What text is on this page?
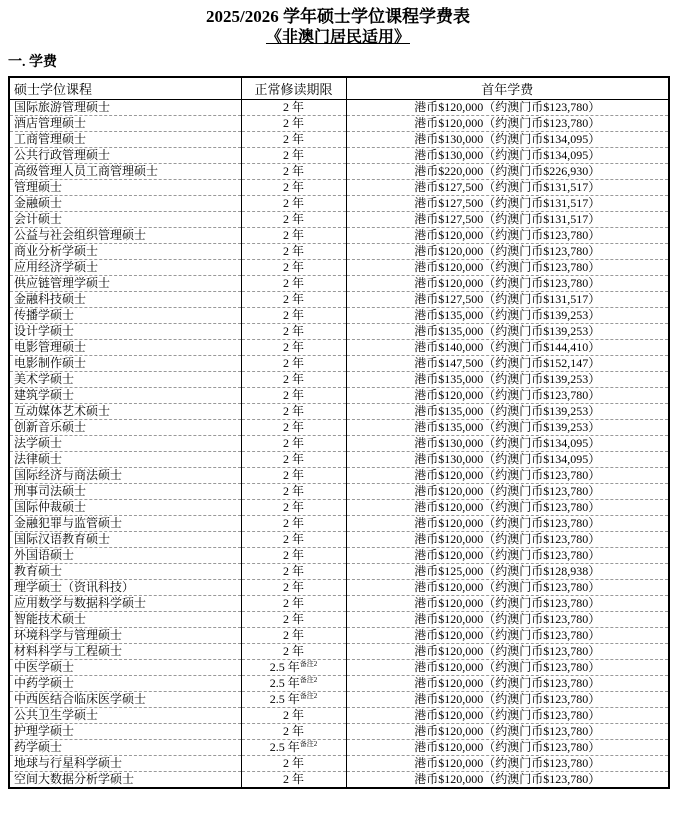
2025/2026 学年硕士学位课程学费表
《非澳门居民适用》
一. 学费
硕士学位课程	正常修读期限	首年学费
国际旅游管理硕士	2 年	港币$120,000（约澳门币$123,780）
酒店管理硕士	2 年	港币$120,000（约澳门币$123,780）
工商管理硕士	2 年	港币$130,000（约澳门币$134,095）
公共行政管理硕士	2 年	港币$130,000（约澳门币$134,095）
高级管理人员工商管理硕士	2 年	港币$220,000（约澳门币$226,930）
管理硕士	2 年	港币$127,500（约澳门币$131,517）
金融硕士	2 年	港币$127,500（约澳门币$131,517）
会计硕士	2 年	港币$127,500（约澳门币$131,517）
公益与社会组织管理硕士	2 年	港币$120,000（约澳门币$123,780）
商业分析学硕士	2 年	港币$120,000（约澳门币$123,780）
应用经济学硕士	2 年	港币$120,000（约澳门币$123,780）
供应链管理学硕士	2 年	港币$120,000（约澳门币$123,780）
金融科技硕士	2 年	港币$127,500（约澳门币$131,517）
传播学硕士	2 年	港币$135,000（约澳门币$139,253）
设计学硕士	2 年	港币$135,000（约澳门币$139,253）
电影管理硕士	2 年	港币$140,000（约澳门币$144,410）
电影制作硕士	2 年	港币$147,500（约澳门币$152,147）
美术学硕士	2 年	港币$135,000（约澳门币$139,253）
建筑学硕士	2 年	港币$120,000（约澳门币$123,780）
互动媒体艺术硕士	2 年	港币$135,000（约澳门币$139,253）
创新音乐硕士	2 年	港币$135,000（约澳门币$139,253）
法学硕士	2 年	港币$130,000（约澳门币$134,095）
法律硕士	2 年	港币$130,000（约澳门币$134,095）
国际经济与商法硕士	2 年	港币$120,000（约澳门币$123,780）
刑事司法硕士	2 年	港币$120,000（约澳门币$123,780）
国际仲裁硕士	2 年	港币$120,000（约澳门币$123,780）
金融犯罪与监管硕士	2 年	港币$120,000（约澳门币$123,780）
国际汉语教育硕士	2 年	港币$120,000（约澳门币$123,780）
外国语硕士	2 年	港币$120,000（约澳门币$123,780）
教育硕士	2 年	港币$125,000（约澳门币$128,938）
理学硕士（资讯科技）	2 年	港币$120,000（约澳门币$123,780）
应用数学与数据科学硕士	2 年	港币$120,000（约澳门币$123,780）
智能技术硕士	2 年	港币$120,000（约澳门币$123,780）
环境科学与管理硕士	2 年	港币$120,000（约澳门币$123,780）
材料科学与工程硕士	2 年	港币$120,000（约澳门币$123,780）
中医学硕士	2.5 年$^{备注2}$	港币$120,000（约澳门币$123,780）
中药学硕士	2.5 年$^{备注2}$	港币$120,000（约澳门币$123,780）
中西医结合临床医学硕士	2.5 年$^{备注2}$	港币$120,000（约澳门币$123,780）
公共卫生学硕士	2 年	港币$120,000（约澳门币$123,780）
护理学硕士	2 年	港币$120,000（约澳门币$123,780）
药学硕士	2.5 年$^{备注2}$	港币$120,000（约澳门币$123,780）
地球与行星科学硕士	2 年	港币$120,000（约澳门币$123,780）
空间大数据分析学硕士	2 年	港币$120,000（约澳门币$123,780）
